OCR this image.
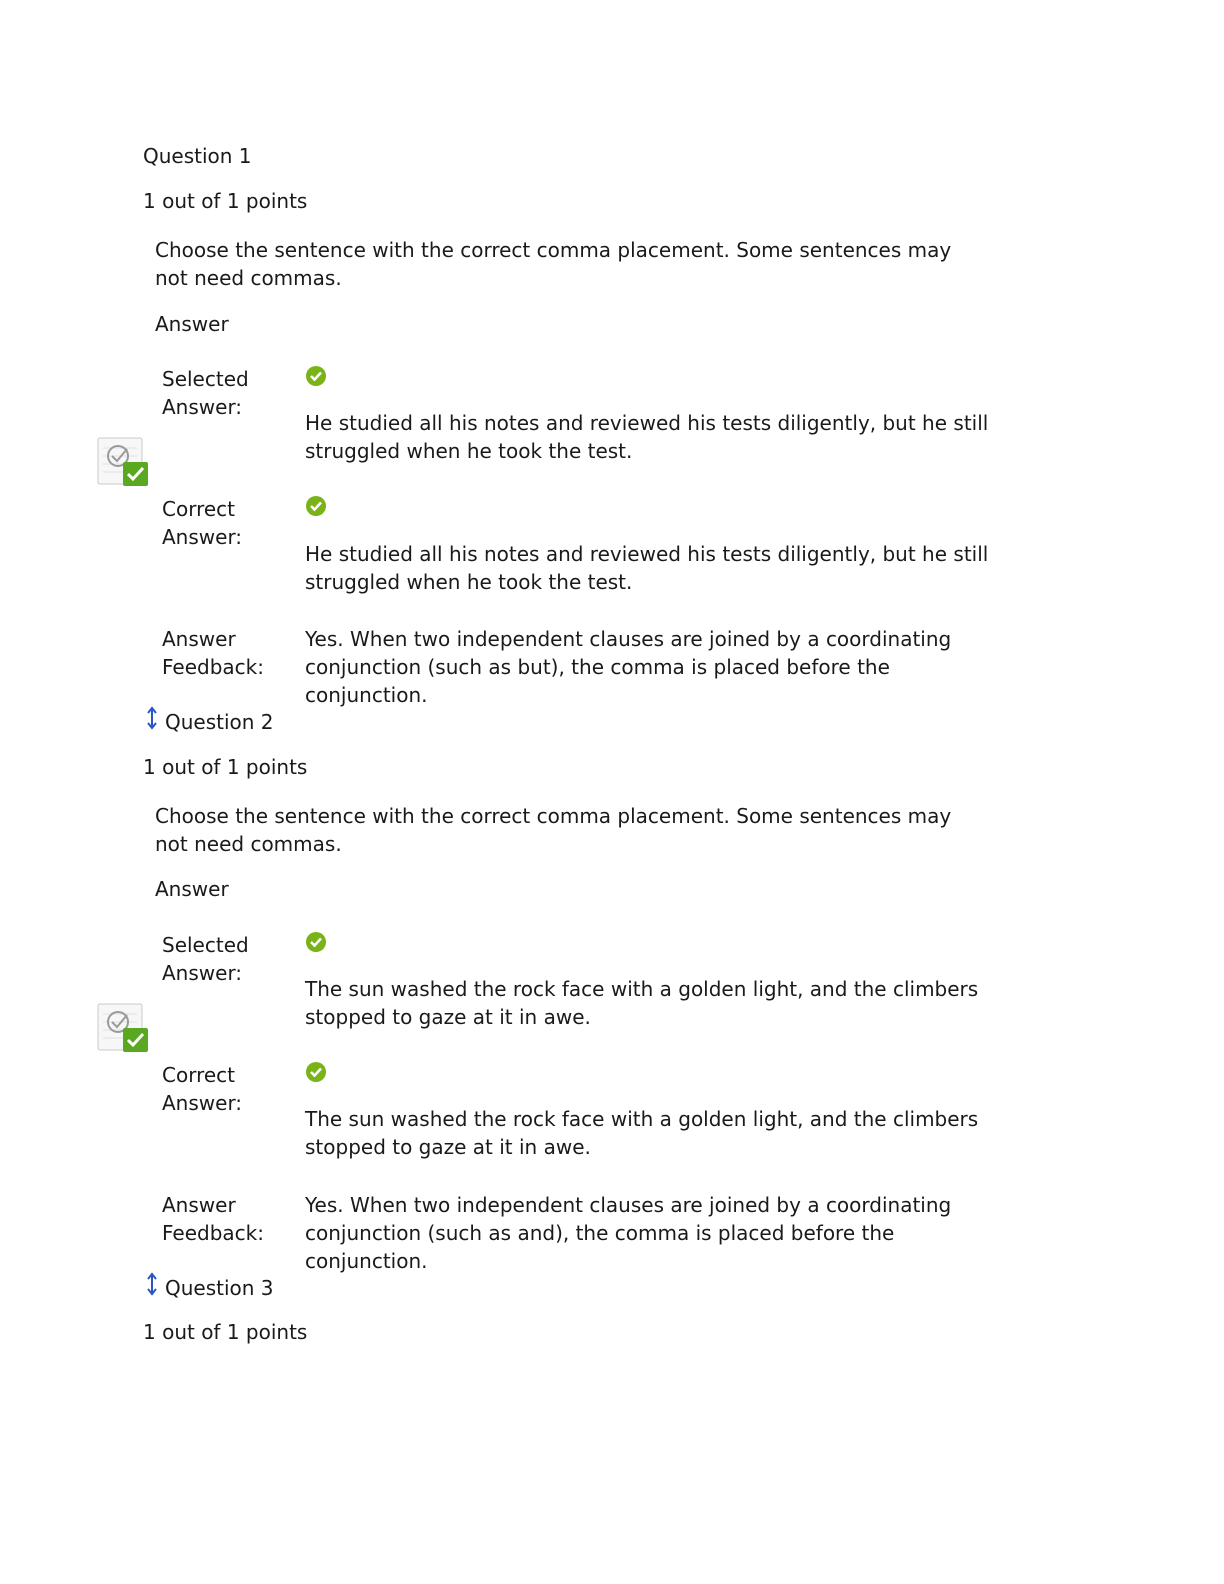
Question 1
1 out of 1 points
Choose the sentence with the correct comma placement. Some sentences may not need commas.
Answer
Selected Answer:
He studied all his notes and reviewed his tests diligently, but he still struggled when he took the test.
Correct Answer:
He studied all his notes and reviewed his tests diligently, but he still struggled when he took the test.
Answer Feedback:
Yes. When two independent clauses are joined by a coordinating conjunction (such as but), the comma is placed before the conjunction.
Question 2
1 out of 1 points
Choose the sentence with the correct comma placement. Some sentences may not need commas.
Answer
Selected Answer:
The sun washed the rock face with a golden light, and the climbers stopped to gaze at it in awe.
Correct Answer:
The sun washed the rock face with a golden light, and the climbers stopped to gaze at it in awe.
Answer Feedback:
Yes. When two independent clauses are joined by a coordinating conjunction (such as and), the comma is placed before the conjunction.
Question 3
1 out of 1 points
